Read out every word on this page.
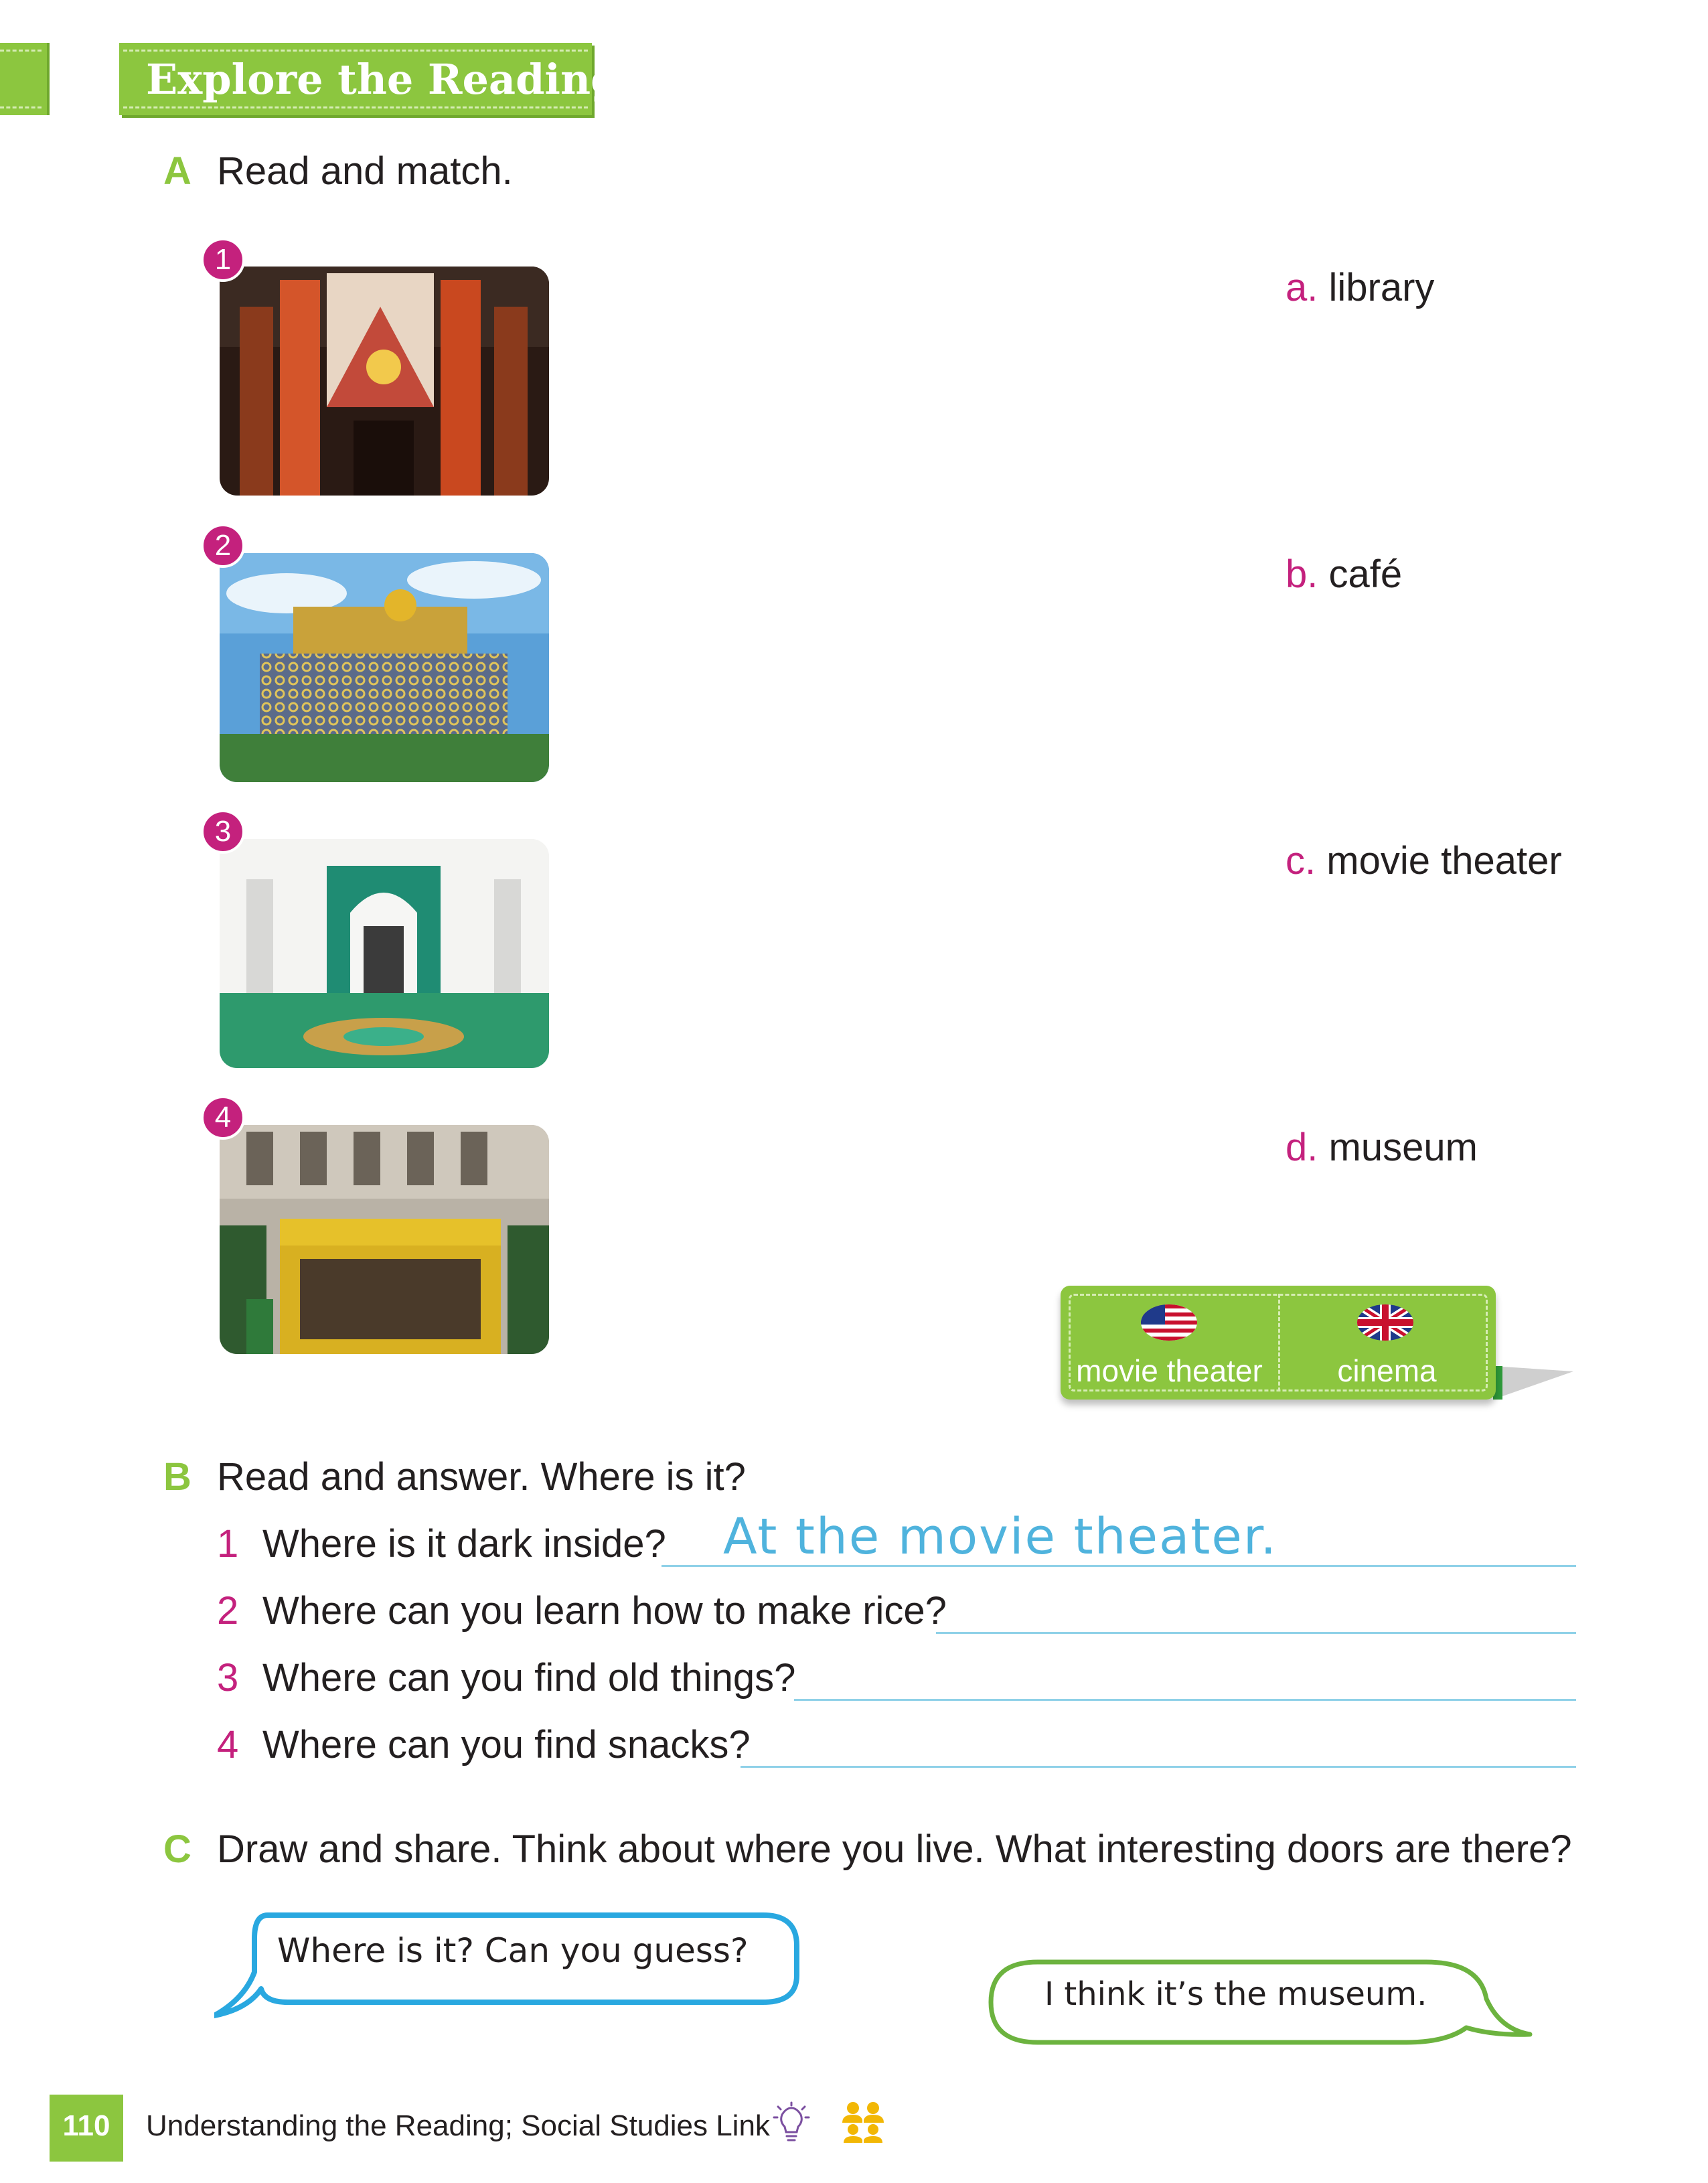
Explore the Reading
A Read and match.
1
2
3
4
a. library
b. café
c. movie theater
d. museum
movie theater	cinema
B Read and answer. Where is it?
1 Where is it dark inside? At the movie theater.
2 Where can you learn how to make rice?
3 Where can you find old things?
4 Where can you find snacks?
C Draw and share. Think about where you live. What interesting doors are there?
Where is it? Can you guess?
I think it’s the museum.
110	Understanding the Reading; Social Studies Link
